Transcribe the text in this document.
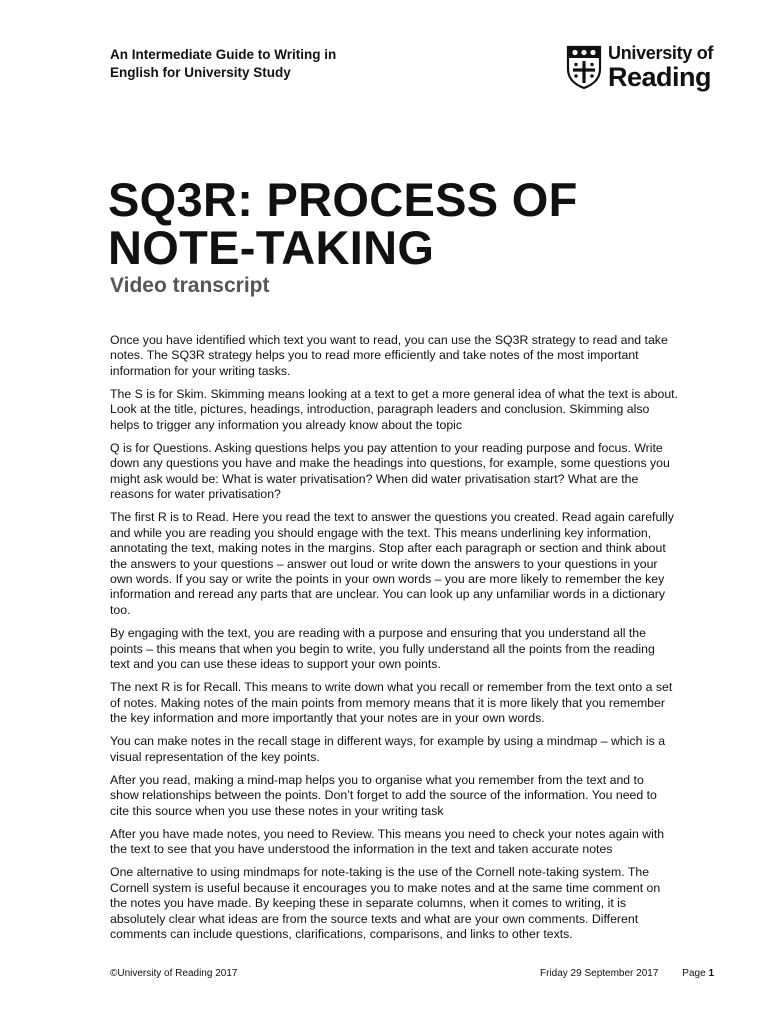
An Intermediate Guide to Writing in
English for University Study
University of
Reading
SQ3R: PROCESS OF
NOTE-TAKING
Video transcript
Once you have identified which text you want to read, you can use the SQ3R strategy to read and take
notes. The SQ3R strategy helps you to read more efficiently and take notes of the most important
information for your writing tasks.
The S is for Skim. Skimming means looking at a text to get a more general idea of what the text is about.
Look at the title, pictures, headings, introduction, paragraph leaders and conclusion. Skimming also
helps to trigger any information you already know about the topic
Q is for Questions. Asking questions helps you pay attention to your reading purpose and focus. Write
down any questions you have and make the headings into questions, for example, some questions you
might ask would be: What is water privatisation? When did water privatisation start? What are the
reasons for water privatisation?
The first R is to Read. Here you read the text to answer the questions you created. Read again carefully
and while you are reading you should engage with the text. This means underlining key information,
annotating the text, making notes in the margins. Stop after each paragraph or section and think about
the answers to your questions – answer out loud or write down the answers to your questions in your
own words. If you say or write the points in your own words – you are more likely to remember the key
information and reread any parts that are unclear. You can look up any unfamiliar words in a dictionary
too.
By engaging with the text, you are reading with a purpose and ensuring that you understand all the
points – this means that when you begin to write, you fully understand all the points from the reading
text and you can use these ideas to support your own points.
The next R is for Recall. This means to write down what you recall or remember from the text onto a set
of notes. Making notes of the main points from memory means that it is more likely that you remember
the key information and more importantly that your notes are in your own words.
You can make notes in the recall stage in different ways, for example by using a mindmap – which is a
visual representation of the key points.
After you read, making a mind-map helps you to organise what you remember from the text and to
show relationships between the points. Don’t forget to add the source of the information. You need to
cite this source when you use these notes in your writing task
After you have made notes, you need to Review. This means you need to check your notes again with
the text to see that you have understood the information in the text and taken accurate notes
One alternative to using mindmaps for note-taking is the use of the Cornell note-taking system. The
Cornell system is useful because it encourages you to make notes and at the same time comment on
the notes you have made. By keeping these in separate columns, when it comes to writing, it is
absolutely clear what ideas are from the source texts and what are your own comments. Different
comments can include questions, clarifications, comparisons, and links to other texts.
©University of Reading 2017	Friday 29 September 2017 Page 1
